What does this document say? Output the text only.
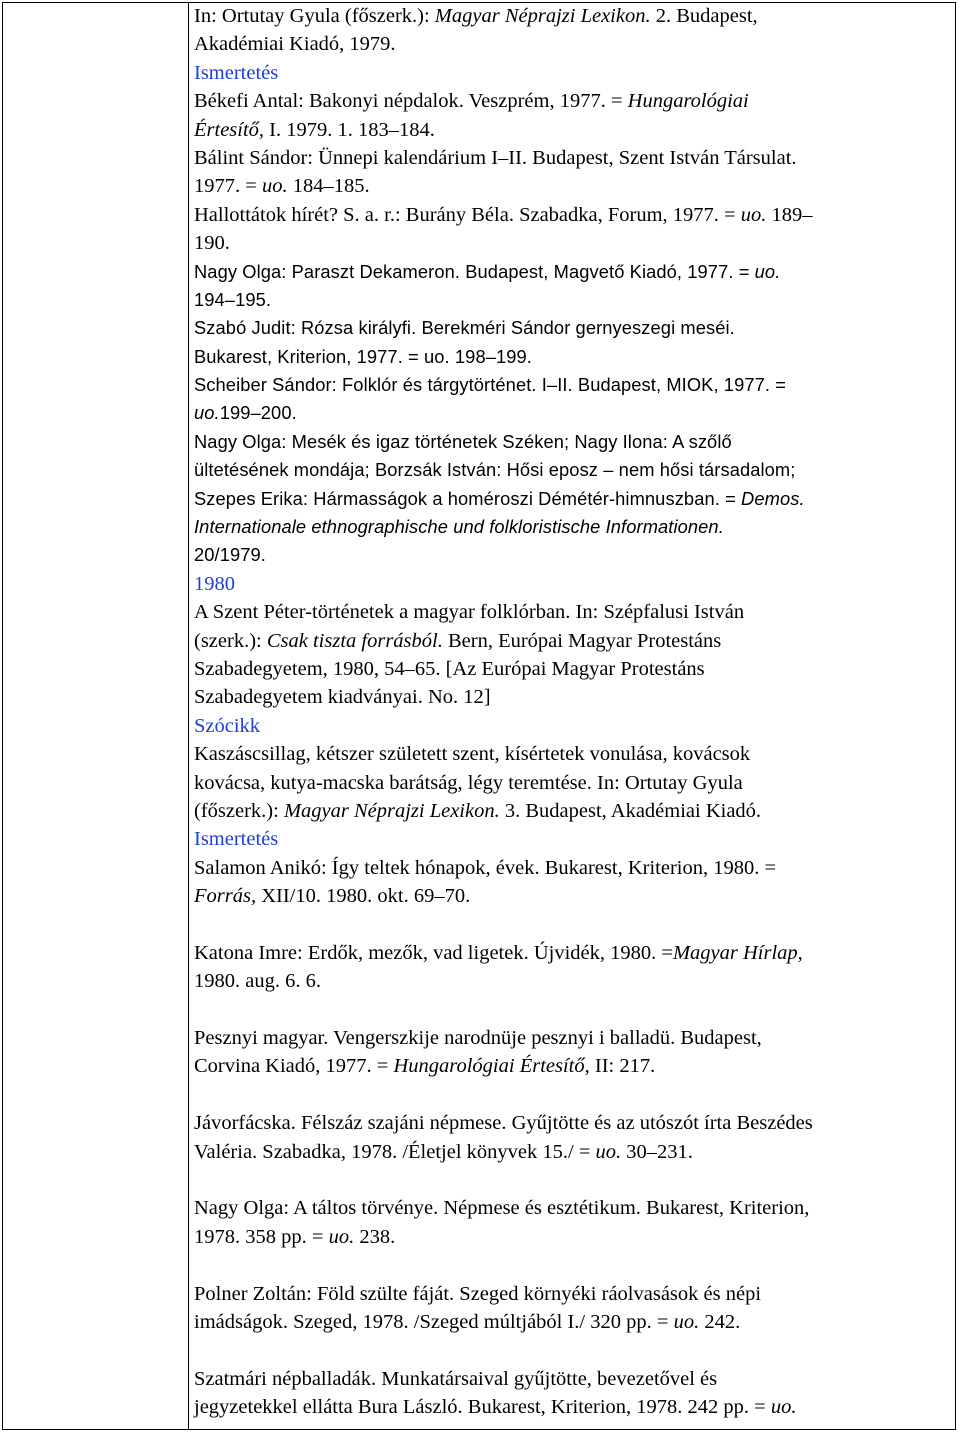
In: Ortutay Gyula (főszerk.): Magyar Néprajzi Lexikon. 2. Budapest,
Akadémiai Kiadó, 1979.
Ismertetés
Békefi Antal: Bakonyi népdalok. Veszprém, 1977. = Hungarológiai
Értesítő, I. 1979. 1. 183–184.
Bálint Sándor: Ünnepi kalendárium I–II. Budapest, Szent István Társulat.
1977. = uo. 184–185.
Hallottátok hírét? S. a. r.: Burány Béla. Szabadka, Forum, 1977. = uo. 189–
190.
Nagy Olga: Paraszt Dekameron. Budapest, Magvető Kiadó, 1977. = uo.
194–195.
Szabó Judit: Rózsa királyfi. Berekméri Sándor gernyeszegi meséi.
Bukarest, Kriterion, 1977. = uo. 198–199.
Scheiber Sándor: Folklór és tárgytörténet. I–II. Budapest, MIOK, 1977. =
uo.199–200.
Nagy Olga: Mesék és igaz történetek Széken; Nagy Ilona: A szőlő
ültetésének mondája; Borzsák István: Hősi eposz – nem hősi társadalom;
Szepes Erika: Hármasságok a homéroszi Démétér-himnuszban. = Demos.
Internationale ethnographische und folkloristische Informationen.
20/1979.
1980
A Szent Péter-történetek a magyar folklórban. In: Szépfalusi István
(szerk.): Csak tiszta forrásból. Bern, Európai Magyar Protestáns
Szabadegyetem, 1980, 54–65. [Az Európai Magyar Protestáns
Szabadegyetem kiadványai. No. 12]
Szócikk
Kaszáscsillag, kétszer született szent, kísértetek vonulása, kovácsok
kovácsa, kutya-macska barátság, légy teremtése. In: Ortutay Gyula
(főszerk.): Magyar Néprajzi Lexikon. 3. Budapest, Akadémiai Kiadó.
Ismertetés
Salamon Anikó: Így teltek hónapok, évek. Bukarest, Kriterion, 1980. =
Forrás, XII/10. 1980. okt. 69–70.
Katona Imre: Erdők, mezők, vad ligetek. Újvidék, 1980. =Magyar Hírlap,
1980. aug. 6. 6.
Pesznyi magyar. Vengerszkije narodnüje pesznyi i balladü. Budapest,
Corvina Kiadó, 1977. = Hungarológiai Értesítő, II: 217.
Jávorfácska. Félszáz szajáni népmese. Gyűjtötte és az utószót írta Beszédes
Valéria. Szabadka, 1978. /Életjel könyvek 15./ = uo. 30–231.
Nagy Olga: A táltos törvénye. Népmese és esztétikum. Bukarest, Kriterion,
1978. 358 pp. = uo. 238.
Polner Zoltán: Föld szülte fáját. Szeged környéki ráolvasások és népi
imádságok. Szeged, 1978. /Szeged múltjából I./ 320 pp. = uo. 242.
Szatmári népballadák. Munkatársaival gyűjtötte, bevezetővel és
jegyzetekkel ellátta Bura László. Bukarest, Kriterion, 1978. 242 pp. = uo.
